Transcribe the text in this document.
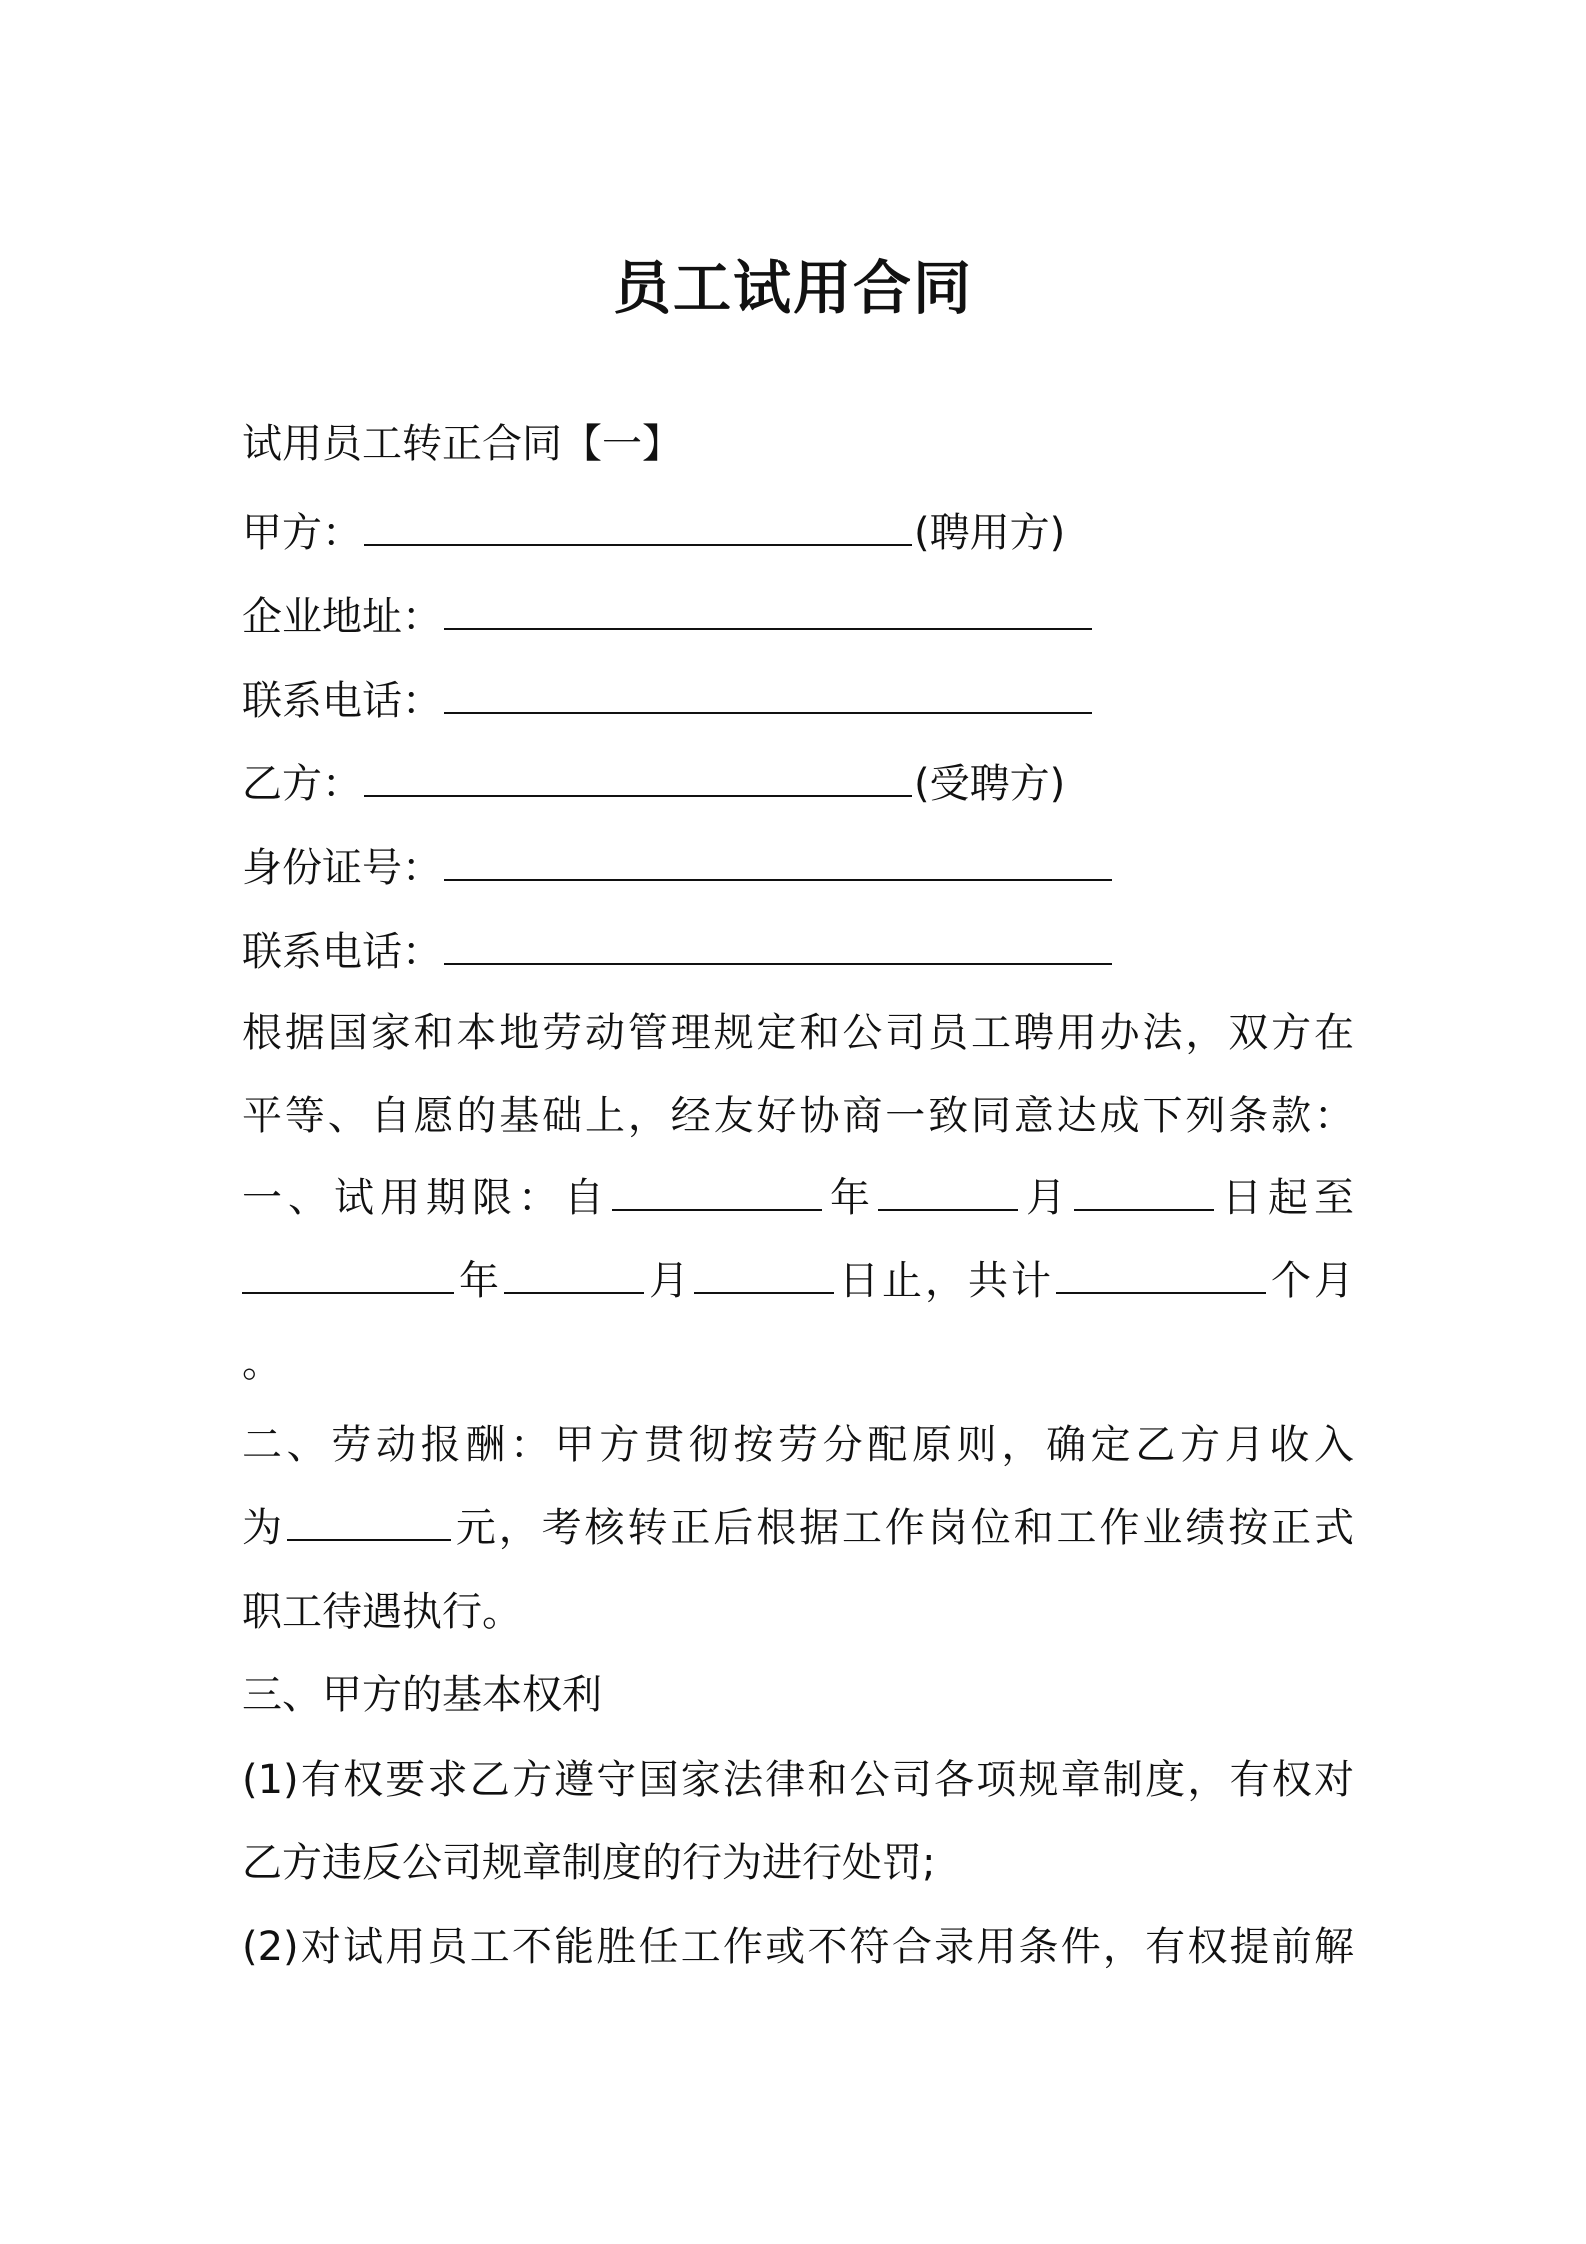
员工试用合同
试用员工转正合同【一】
甲方：	(聘用方)
企业地址：
联系电话：
乙方：	(受聘方)
身份证号：
联系电话：
根据国家和本地劳动管理规定和公司员工聘用办法，双方在
平等、自愿的基础上，经友好协商一致同意达成下列条款：
一、试用期限：自	年	月	日起至
年	月	日止，共计	个月
。
二、劳动报酬：甲方贯彻按劳分配原则，确定乙方月收入
为	元，考核转正后根据工作岗位和工作业绩按正式
职工待遇执行。
三、甲方的基本权利
(1)有权要求乙方遵守国家法律和公司各项规章制度，有权对
乙方违反公司规章制度的行为进行处罚;
(2)对试用员工不能胜任工作或不符合录用条件，有权提前解
